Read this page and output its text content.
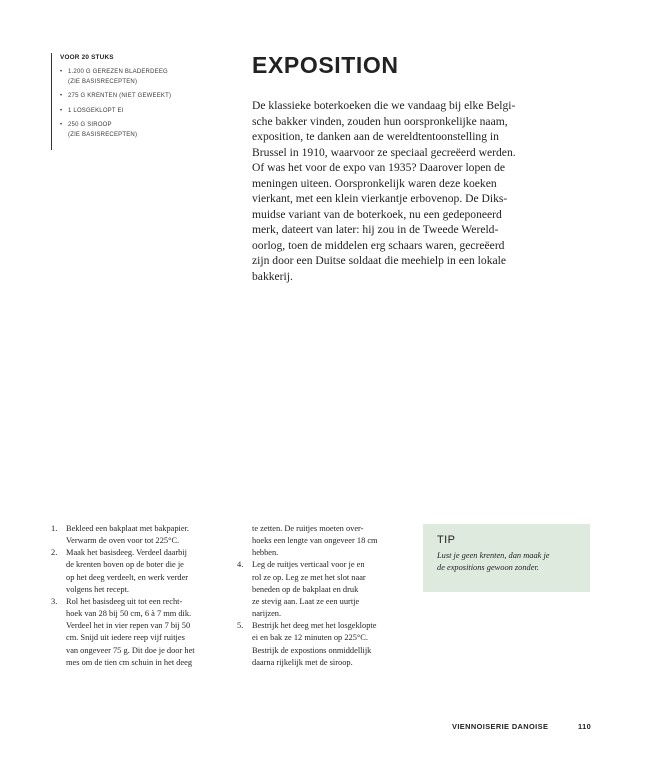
VOOR 20 STUKS
• 1.200 G GEREZEN BLADERDEEG
(ZIE BASISRECEPTEN)
• 275 G KRENTEN (NIET GEWEEKT)
• 1 LOSGEKLOPT EI
• 250 G SIROOP
(ZIE BASISRECEPTEN)
EXPOSITION

De klassieke boterkoeken die we vandaag bij elke Belgi-
sche bakker vinden, zouden hun oorspronkelijke naam,
exposition, te danken aan de wereldtentoonstelling in
Brussel in 1910, waarvoor ze speciaal gecreëerd werden.
Of was het voor de expo van 1935? Daarover lopen de
meningen uiteen. Oorspronkelijk waren deze koeken
vierkant, met een klein vierkantje erbovenop. De Diks-
muidse variant van de boterkoek, nu een gedeponeerd
merk, dateert van later: hij zou in de Tweede Wereld-
oorlog, toen de middelen erg schaars waren, gecreëerd
zijn door een Duitse soldaat die meehielp in een lokale
bakkerij.

1. Bekleed een bakplaat met bakpapier.
Verwarm de oven voor tot 225°C.
2. Maak het basisdeeg. Verdeel daarbij
de krenten boven op de boter die je
op het deeg verdeelt, en werk verder
volgens het recept.
3. Rol het basisdeeg uit tot een recht-
hoek van 28 bij 50 cm, 6 à 7 mm dik.
Verdeel het in vier repen van 7 bij 50
cm. Snijd uit iedere reep vijf ruitjes
van ongeveer 75 g. Dit doe je door het
mes om de tien cm schuin in het deeg
te zetten. De ruitjes moeten over-
hoeks een lengte van ongeveer 18 cm
hebben.
4. Leg de ruitjes verticaal voor je en
rol ze op. Leg ze met het slot naar
beneden op de bakplaat en druk
ze stevig aan. Laat ze een uurtje
narijzen.
5. Bestrijk het deeg met het losgeklopte
ei en bak ze 12 minuten op 225°C.
Bestrijk de expostions onmiddellijk
daarna rijkelijk met de siroop.
TIP
Lust je geen krenten, dan maak je
de expositions gewoon zonder.
VIENNOISERIE DANOISE	110
